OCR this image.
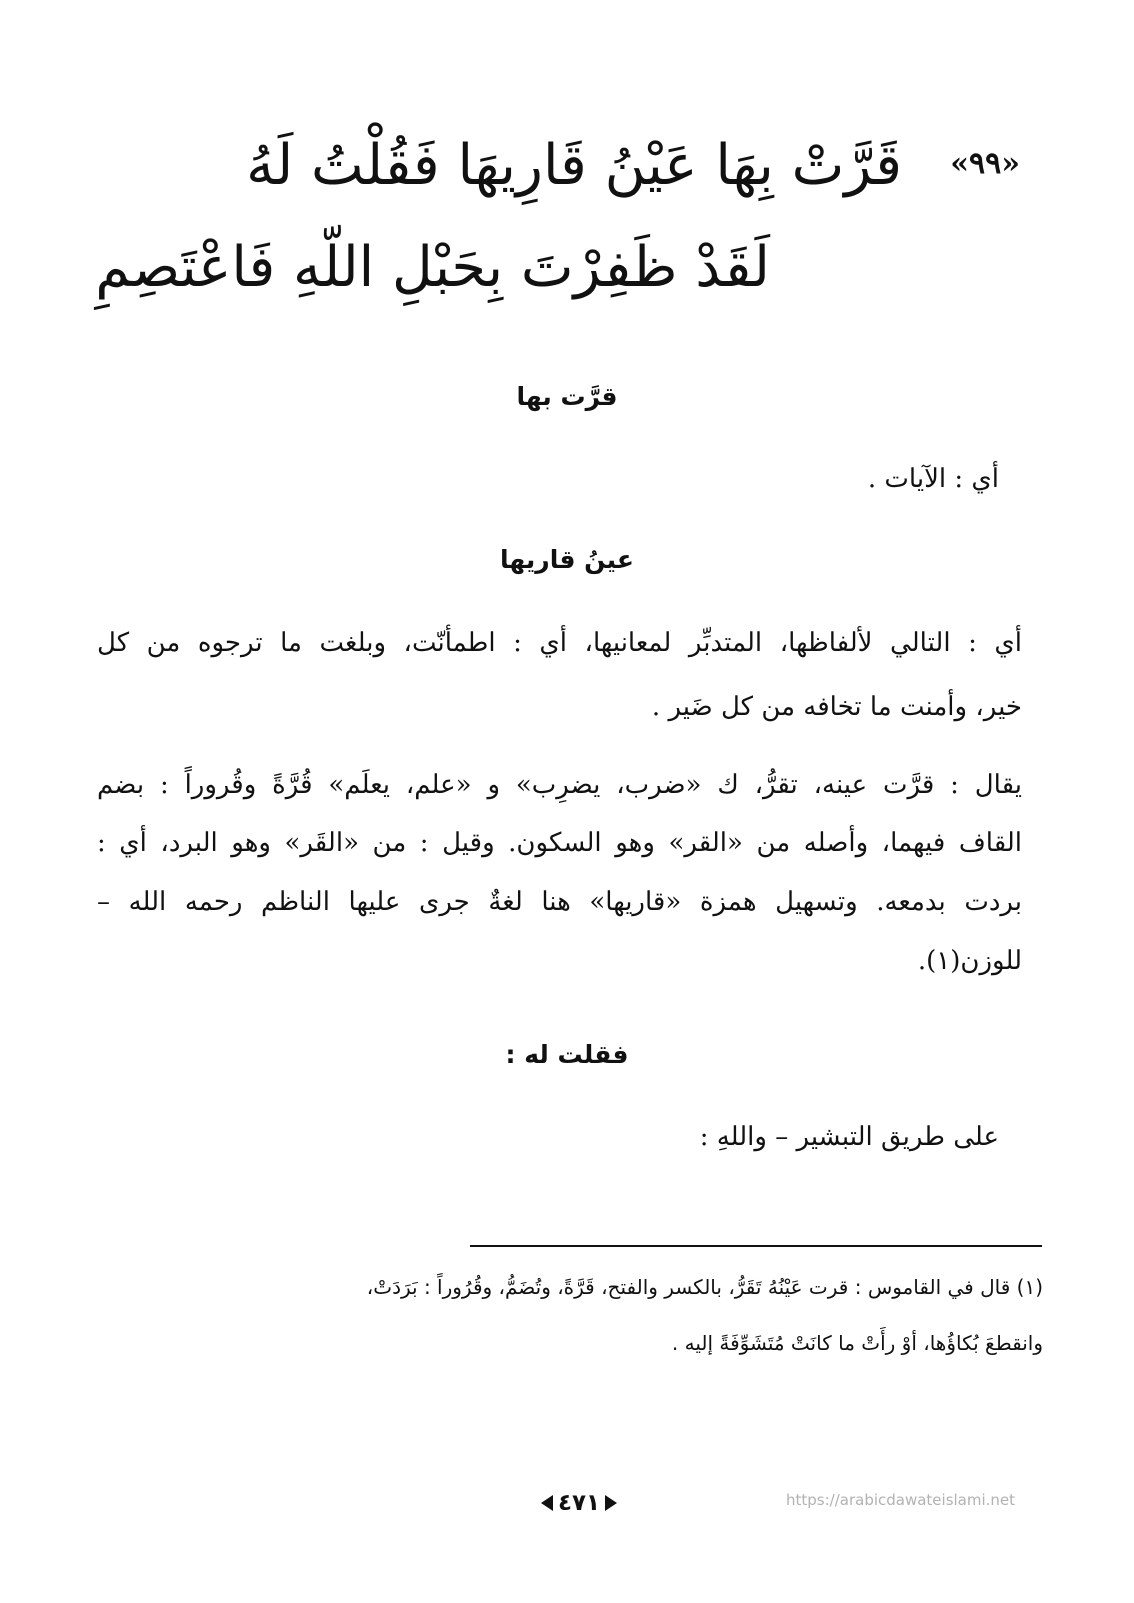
«٩٩»
قَرَّتْ بِهَا عَيْنُ قَارِيهَا فَقُلْتُ لَهُ
لَقَدْ ظَفِرْتَ بِحَبْلِ اللّهِ فَاعْتَصِمِ
قرَّت بها
أي : الآيات .
عينُ قاريها
أي : التالي لألفاظها، المتدبِّر لمعانيها، أي : اطمأنّت، وبلغت ما ترجوه من كل
خير، وأمنت ما تخافه من كل ضَير .
يقال : قرَّت عينه، تقرُّ، ك «ضرب، يضرِب» و «علم، يعلَم» قُرَّةً وقُروراً : بضم
القاف فيهما، وأصله من «القر» وهو السكون. وقيل : من «القَر» وهو البرد، أي :
بردت بدمعه. وتسهيل همزة «قاريها» هنا لغةٌ جرى عليها الناظم رحمه الله –
للوزن(١).
فقلت له :
على طريق التبشير – واللهِ :
(١) قال في القاموس : قرت عَيْنُهُ تَقَرُّ، بالكسر والفتح، قَرَّةً، وتُضَمُّ، وقُرُوراً : بَرَدَتْ،
وانقطعَ بُكاؤُها، أوْ رأَتْ ما كانَتْ مُتَشَوِّفَةً إليه .
٤٧١	https://arabicdawateislami.net
